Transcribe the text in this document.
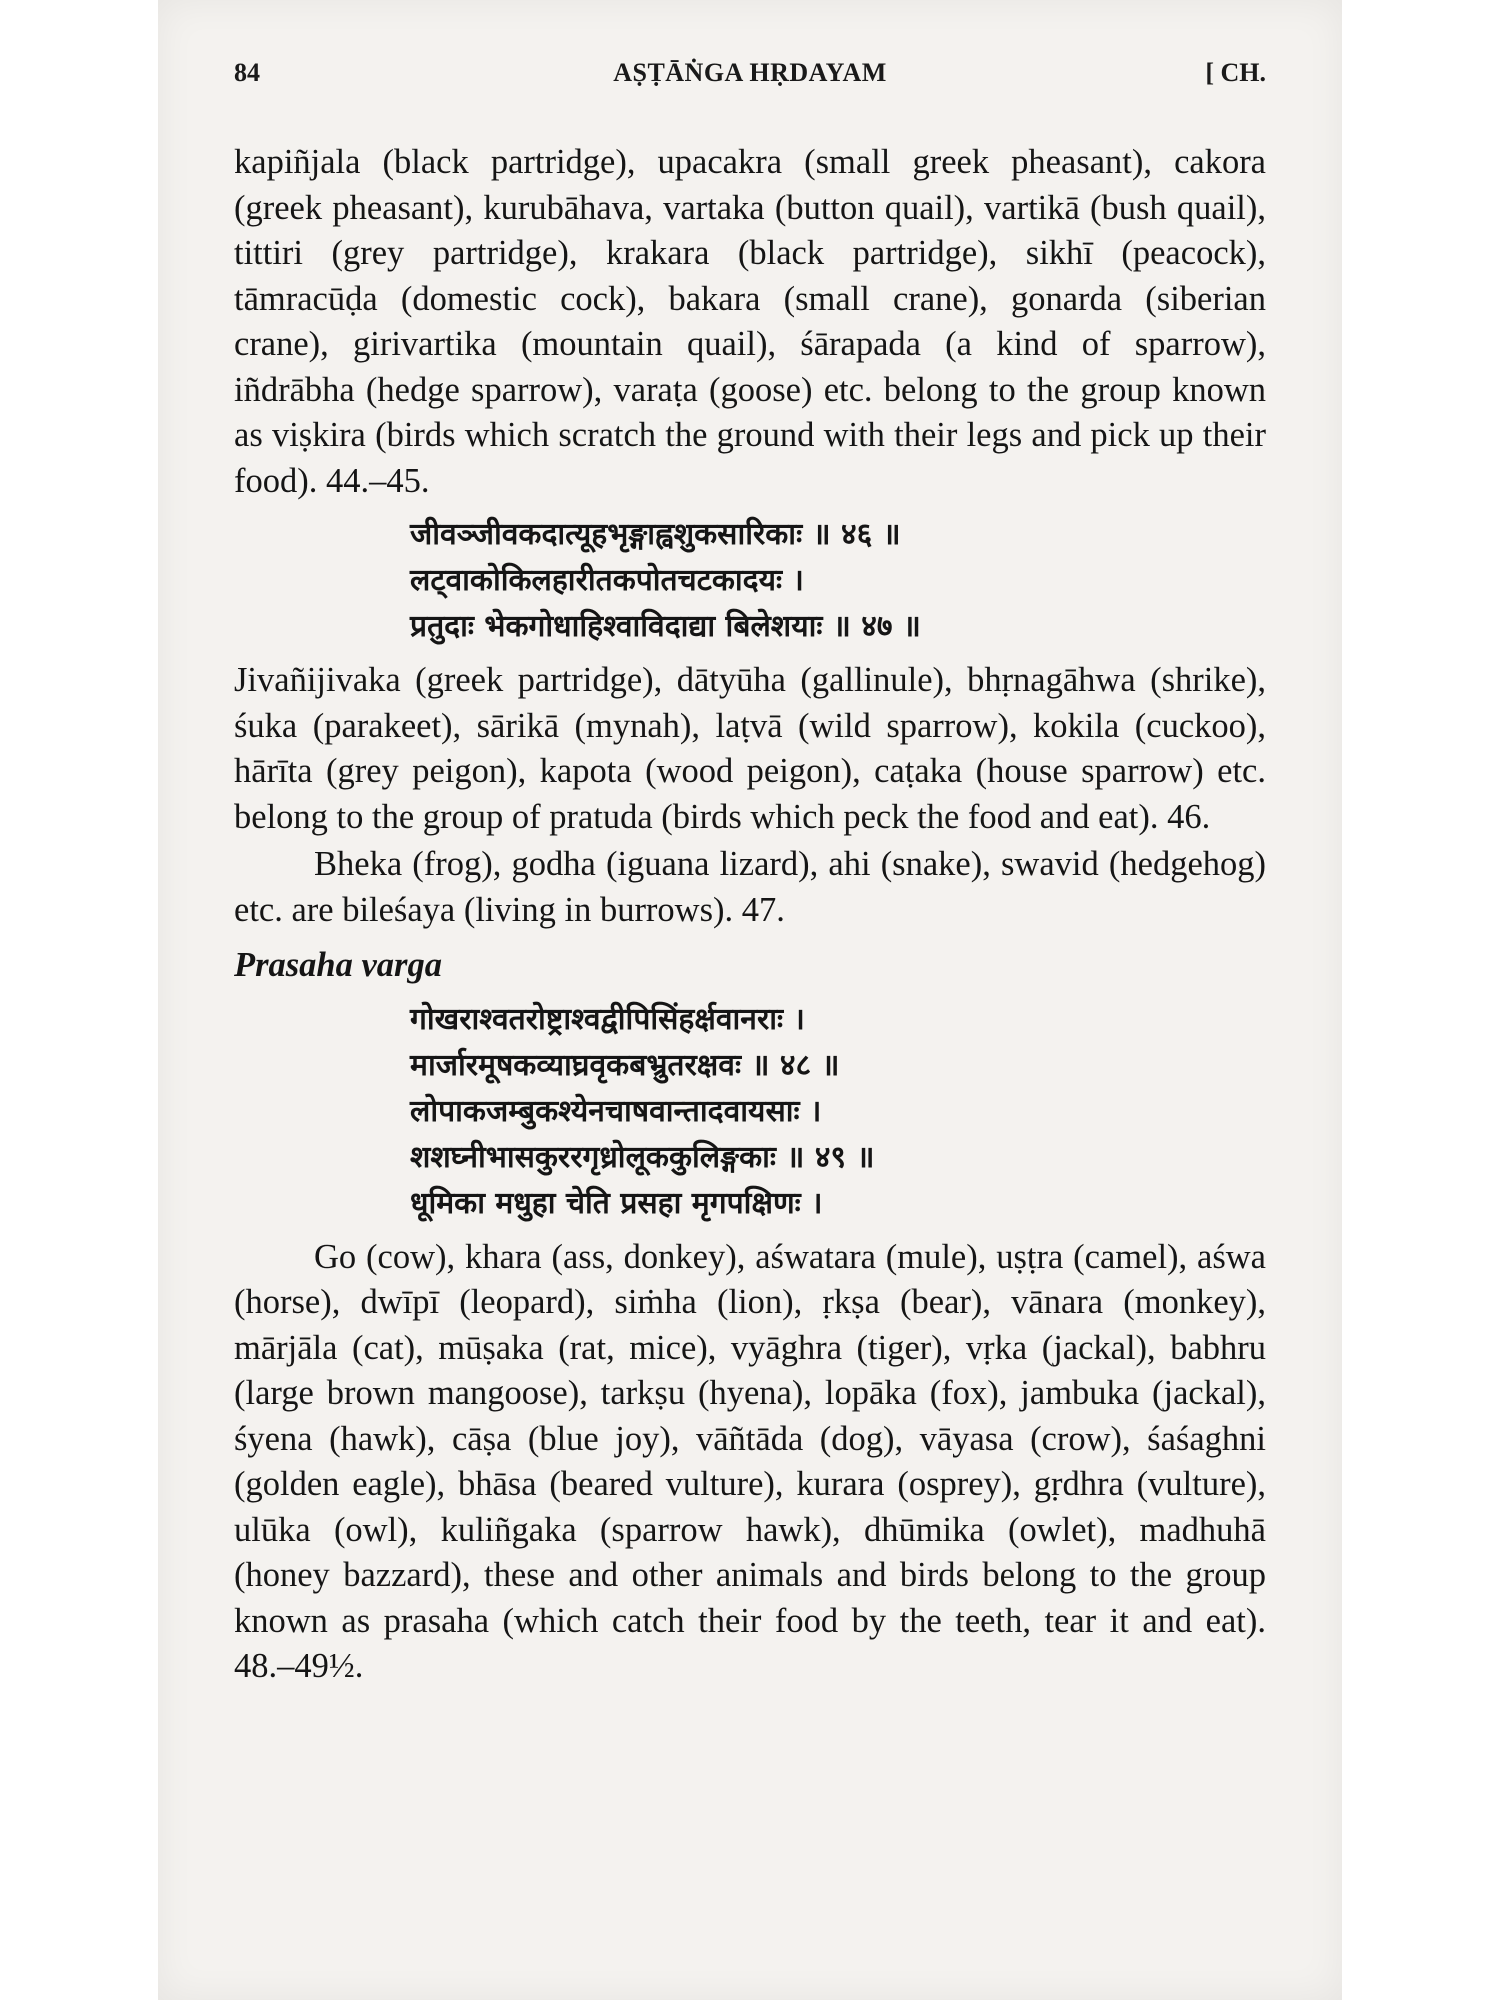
84	AṢṬĀṄGA HṚDAYAM	[ CH.

kapiñjala (black partridge), upacakra (small greek pheasant), cakora (greek pheasant), kurubāhava, vartaka (button quail), vartikā (bush quail), tittiri (grey partridge), krakara (black partridge), sikhī (peacock), tāmracūḍa (domestic cock), bakara (small crane), gonarda (siberian crane), girivartika (mountain quail), śārapada (a kind of sparrow), iñdrābha (hedge sparrow), varaṭa (goose) etc. belong to the group known as viṣkira (birds which scratch the ground with their legs and pick up their food). 44.–45.

जीवञ्जीवकदात्यूहभृङ्गाह्वशुकसारिकाः ॥ ४६ ॥
लट्वाकोकिलहारीतकपोतचटकादयः ।
प्रतुदाः भेकगोधाहिश्वाविदाद्या बिलेशयाः ॥ ४७ ॥

Jivañijivaka (greek partridge), dātyūha (gallinule), bhṛnagāhwa (shrike), śuka (parakeet), sārikā (mynah), laṭvā (wild sparrow), kokila (cuckoo), hārīta (grey peigon), kapota (wood peigon), caṭaka (house sparrow) etc. belong to the group of pratuda (birds which peck the food and eat). 46.

Bheka (frog), godha (iguana lizard), ahi (snake), swavid (hedgehog) etc. are bileśaya (living in burrows). 47.

Prasaha varga
गोखराश्वतरोष्ट्राश्वद्वीपिसिंहर्क्षवानराः ।
मार्जारमूषकव्याघ्रवृकबभ्रुतरक्षवः ॥ ४८ ॥
लोपाकजम्बुकश्येनचाषवान्तादवायसाः ।
शशघ्नीभासकुररगृध्रोलूककुलिङ्गकाः ॥ ४९ ॥
धूमिका मधुहा चेति प्रसहा मृगपक्षिणः ।

Go (cow), khara (ass, donkey), aśwatara (mule), uṣṭra (camel), aśwa (horse), dwīpī (leopard), siṁha (lion), ṛkṣa (bear), vānara (monkey), mārjāla (cat), mūṣaka (rat, mice), vyāghra (tiger), vṛka (jackal), babhru (large brown mangoose), tarkṣu (hyena), lopāka (fox), jambuka (jackal), śyena (hawk), cāṣa (blue joy), vāñtāda (dog), vāyasa (crow), śaśaghni (golden eagle), bhāsa (beared vulture), kurara (osprey), gṛdhra (vulture), ulūka (owl), kuliñgaka (sparrow hawk), dhūmika (owlet), madhuhā (honey bazzard), these and other animals and birds belong to the group known as prasaha (which catch their food by the teeth, tear it and eat). 48.–49½.
